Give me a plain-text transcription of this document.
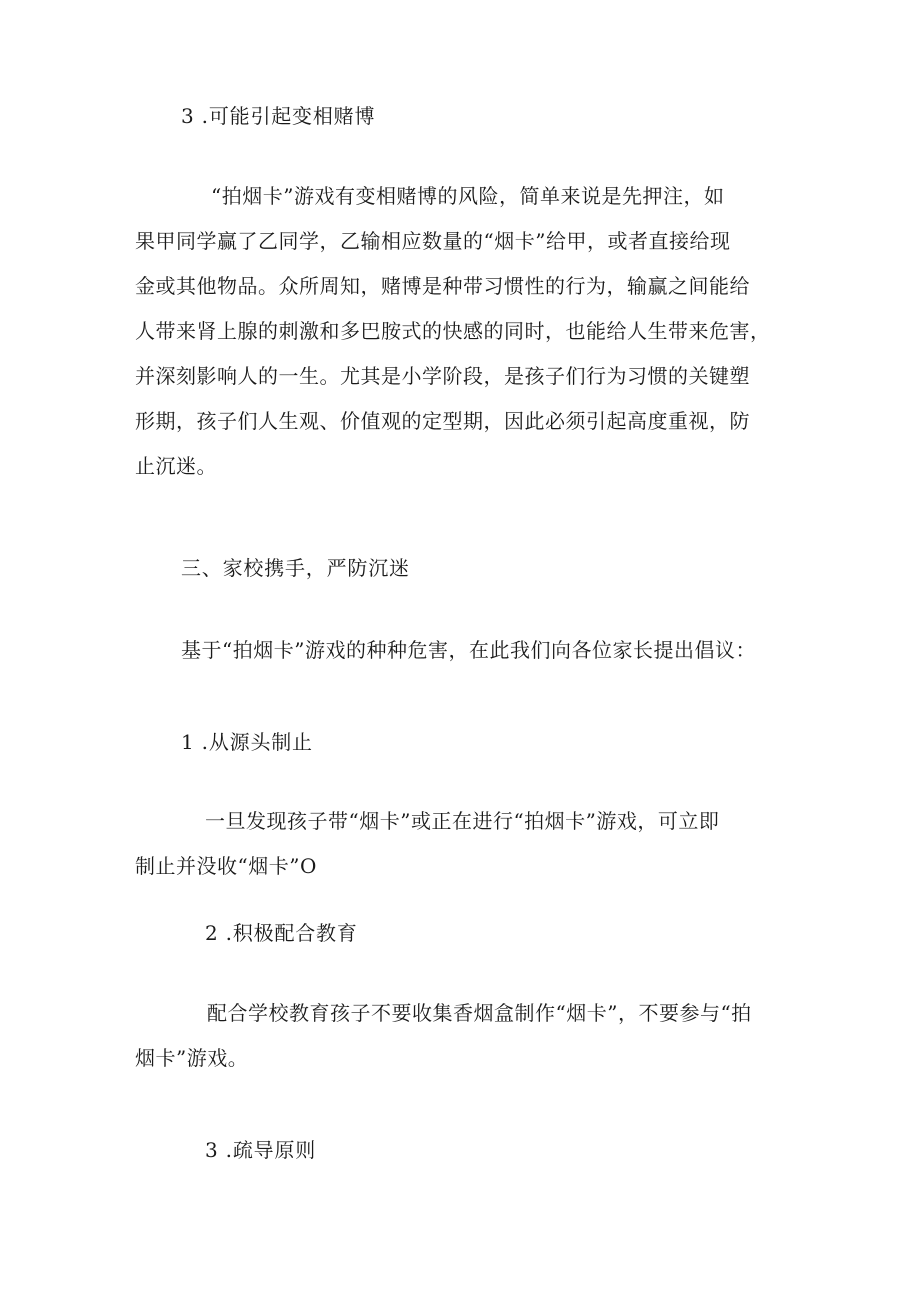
3 .可能引起变相赌博
“拍烟卡”游戏有变相赌博的风险，简单来说是先押注，如
果甲同学赢了乙同学，乙输相应数量的“烟卡”给甲，或者直接给现
金或其他物品。众所周知，赌博是种带习惯性的行为，输赢之间能给
人带来肾上腺的刺激和多巴胺式的快感的同时，也能给人生带来危害，
并深刻影响人的一生。尤其是小学阶段，是孩子们行为习惯的关键塑
形期，孩子们人生观、价值观的定型期，因此必须引起高度重视，防
止沉迷。
三、家校携手，严防沉迷
基于“拍烟卡”游戏的种种危害，在此我们向各位家长提出倡议：
1 .从源头制止
一旦发现孩子带“烟卡”或正在进行“拍烟卡”游戏，可立即
制止并没收“烟卡”O
2 .积极配合教育
配合学校教育孩子不要收集香烟盒制作“烟卡”，不要参与“拍
烟卡”游戏。
3 .疏导原则
